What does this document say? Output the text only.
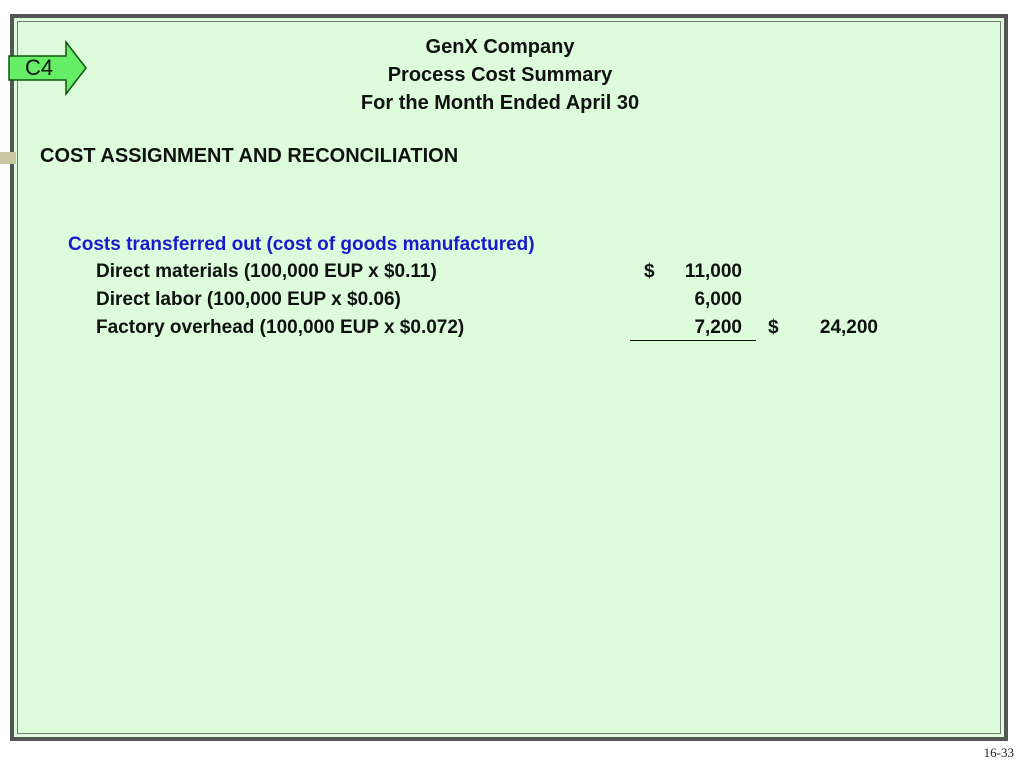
C4
GenX Company
Process Cost Summary
For the Month Ended April 30
COST ASSIGNMENT AND RECONCILIATION
Costs transferred out (cost of goods manufactured)
Direct materials (100,000 EUP x $0.11)	$	11,000
Direct labor (100,000 EUP x $0.06)	6,000
Factory overhead (100,000 EUP x $0.072)	7,200 $	24,200
16-33
